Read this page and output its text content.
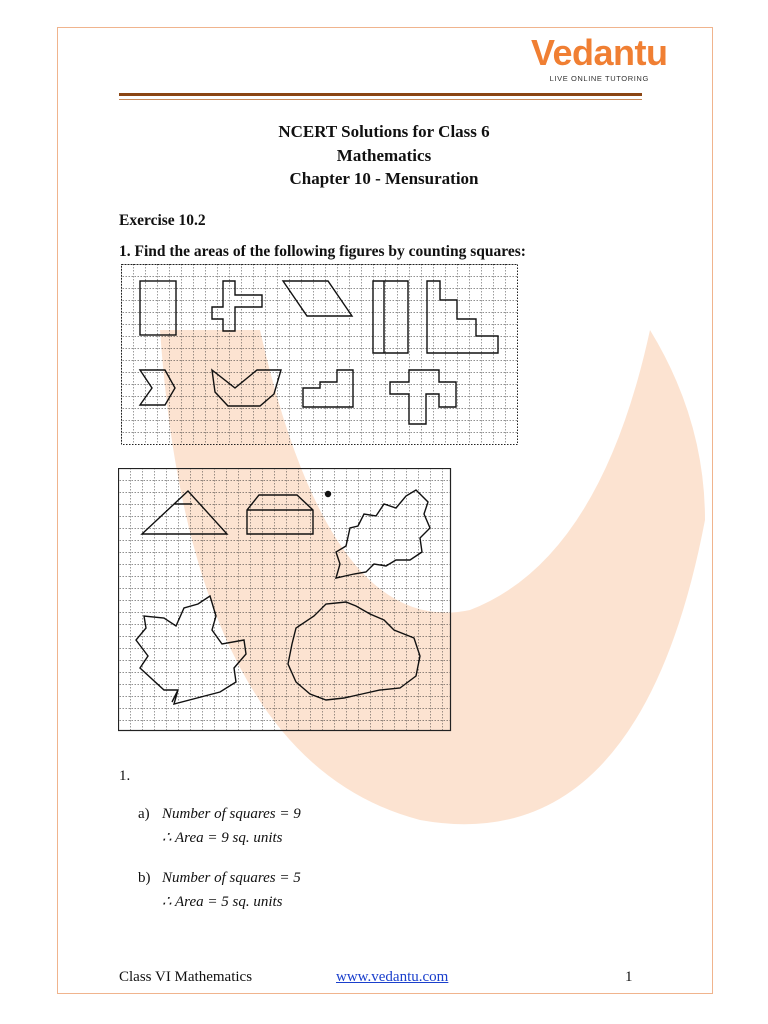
Vedantu
LIVE ONLINE TUTORING
NCERT Solutions for Class 6
Mathematics
Chapter 10 - Mensuration
Exercise 10.2
1. Find the areas of the following figures by counting squares:
1.
a) Number of squares = 9
∴ Area = 9 sq. units
b) Number of squares = 5
∴ Area = 5 sq. units
Class VI Mathematics	www.vedantu.com	1
